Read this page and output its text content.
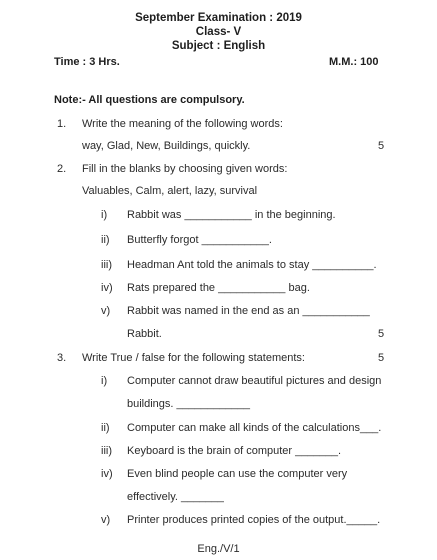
September Examination : 2019
Class- V
Subject : English
Time : 3 Hrs.	M.M.: 100
Note:- All questions are compulsory.
1. Write the meaning of the following words:
way, Glad, New, Buildings, quickly.	5
2. Fill in the blanks by choosing given words:
Valuables, Calm, alert, lazy, survival
i) Rabbit was ___________ in the beginning.
ii) Butterfly forgot ___________.
iii) Headman Ant told the animals to stay __________.
iv) Rats prepared the ___________ bag.
v) Rabbit was named in the end as an ___________
Rabbit.	5
3. Write True / false for the following statements:	5
i) Computer cannot draw beautiful pictures and design
buildings. ____________
ii) Computer can make all kinds of the calculations___.
iii) Keyboard is the brain of computer _______.
iv) Even blind people can use the computer very
effectively. _______
v) Printer produces printed copies of the output._____.
Eng./V/1
